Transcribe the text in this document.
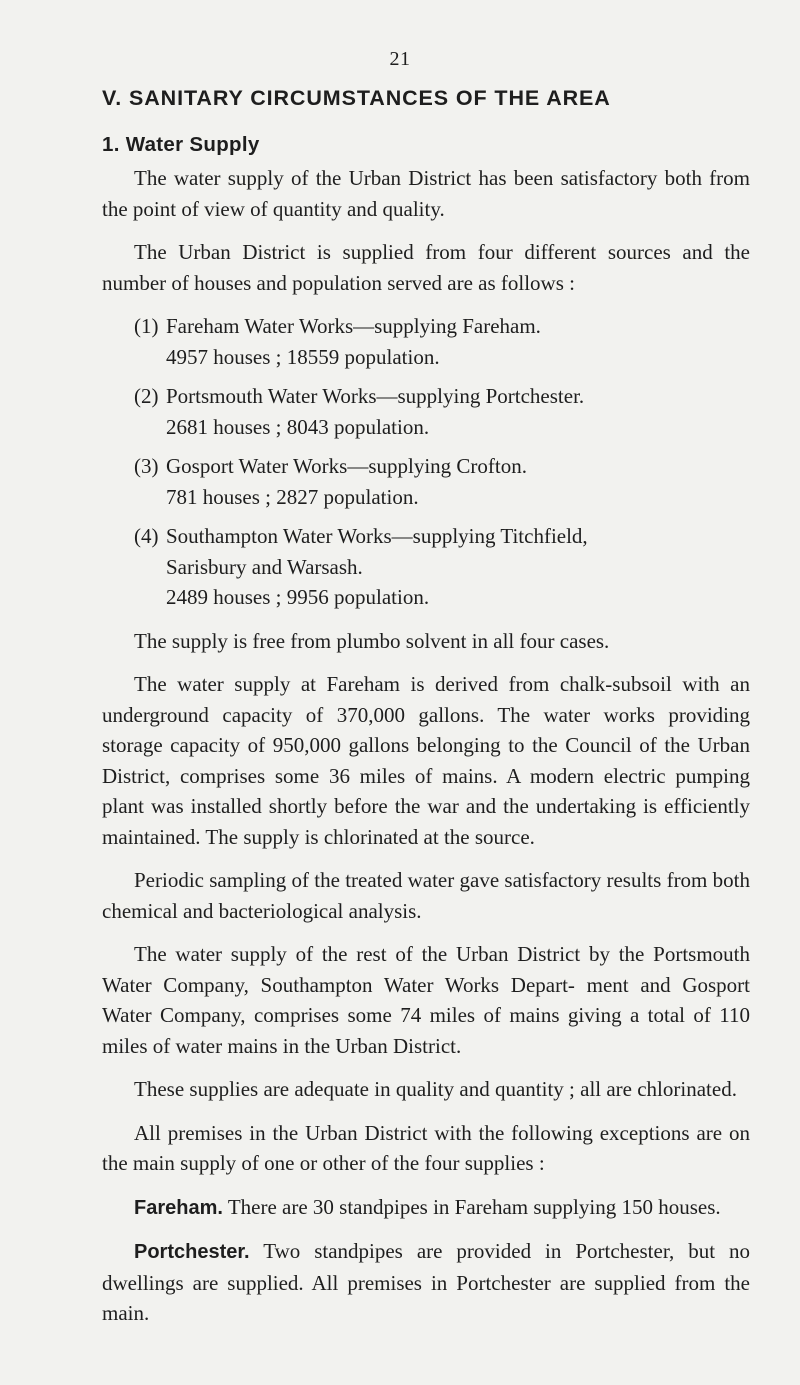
21
V. SANITARY CIRCUMSTANCES OF THE AREA
1. Water Supply

The water supply of the Urban District has been satisfactory both from the point of view of quantity and quality.

The Urban District is supplied from four different sources and the number of houses and population served are as follows :

(1) Fareham Water Works—supplying Fareham.
4957 houses ; 18559 population.
(2) Portsmouth Water Works—supplying Portchester.
2681 houses ; 8043 population.
(3) Gosport Water Works—supplying Crofton.
781 houses ; 2827 population.
(4) Southampton Water Works—supplying Titchfield,
Sarisbury and Warsash.
2489 houses ; 9956 population.

The supply is free from plumbo solvent in all four cases.

The water supply at Fareham is derived from chalk-subsoil with an underground capacity of 370,000 gallons. The water works providing storage capacity of 950,000 gallons belonging to the Council of the Urban District, comprises some 36 miles of mains. A modern electric pumping plant was installed shortly before the war and the undertaking is efficiently maintained. The supply is chlorinated at the source.

Periodic sampling of the treated water gave satisfactory results from both chemical and bacteriological analysis.

The water supply of the rest of the Urban District by the Portsmouth Water Company, Southampton Water Works Depart- ment and Gosport Water Company, comprises some 74 miles of mains giving a total of 110 miles of water mains in the Urban District.

These supplies are adequate in quality and quantity ; all are chlorinated.

All premises in the Urban District with the following exceptions are on the main supply of one or other of the four supplies :

Fareham. There are 30 standpipes in Fareham supplying 150 houses.

Portchester. Two standpipes are provided in Portchester, but no dwellings are supplied. All premises in Portchester are supplied from the main.
